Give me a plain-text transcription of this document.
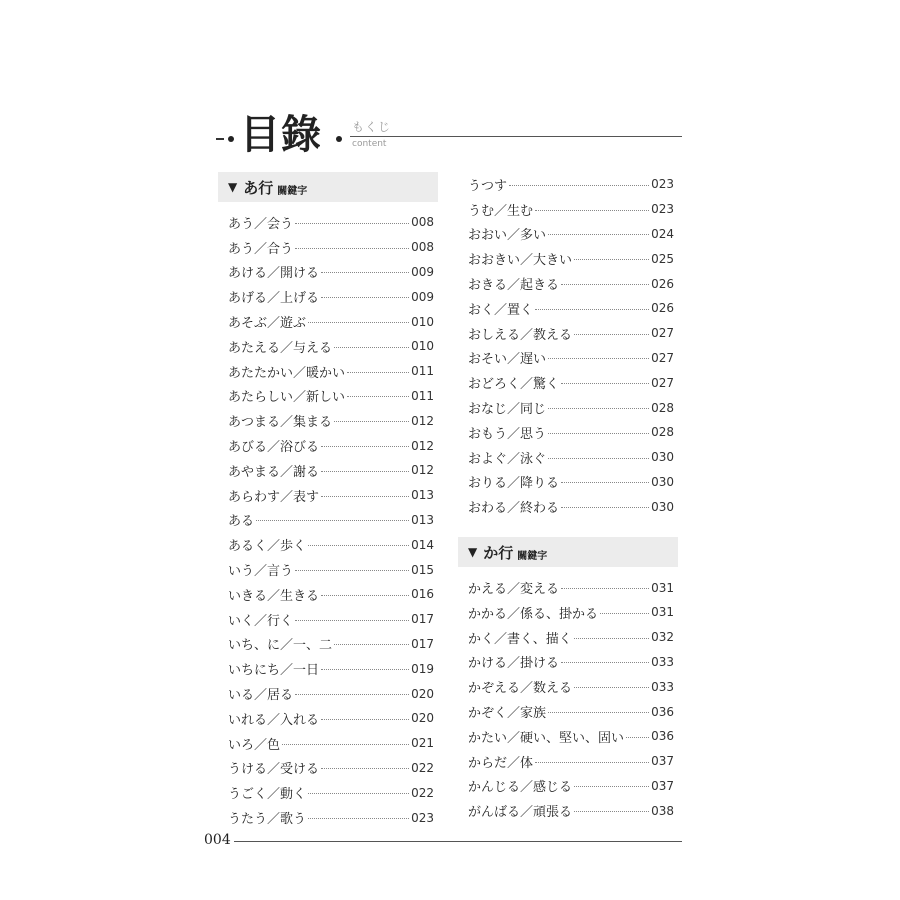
目錄	もくじ
content
▼ あ行 關鍵字
あう／会う	008
あう／合う	008
あける／開ける	009
あげる／上げる	009
あそぶ／遊ぶ	010
あたえる／与える	010
あたたかい／暖かい	011
あたらしい／新しい	011
あつまる／集まる	012
あびる／浴びる	012
あやまる／謝る	012
あらわす／表す	013
ある	013
あるく／歩く	014
いう／言う	015
いきる／生きる	016
いく／行く	017
いち、に／一、二	017
いちにち／一日	019
いる／居る	020
いれる／入れる	020
いろ／色	021
うける／受ける	022
うごく／動く	022
うたう／歌う	023
うつす	023
うむ／生む	023
おおい／多い	024
おおきい／大きい	025
おきる／起きる	026
おく／置く	026
おしえる／教える	027
おそい／遅い	027
おどろく／驚く	027
おなじ／同じ	028
おもう／思う	028
およぐ／泳ぐ	030
おりる／降りる	030
おわる／終わる	030
▼ か行 關鍵字
かえる／変える	031
かかる／係る、掛かる	031
かく／書く、描く	032
かける／掛ける	033
かぞえる／数える	033
かぞく／家族	036
かたい／硬い、堅い、固い 036
からだ／体	037
かんじる／感じる	037
がんばる／頑張る	038
004
